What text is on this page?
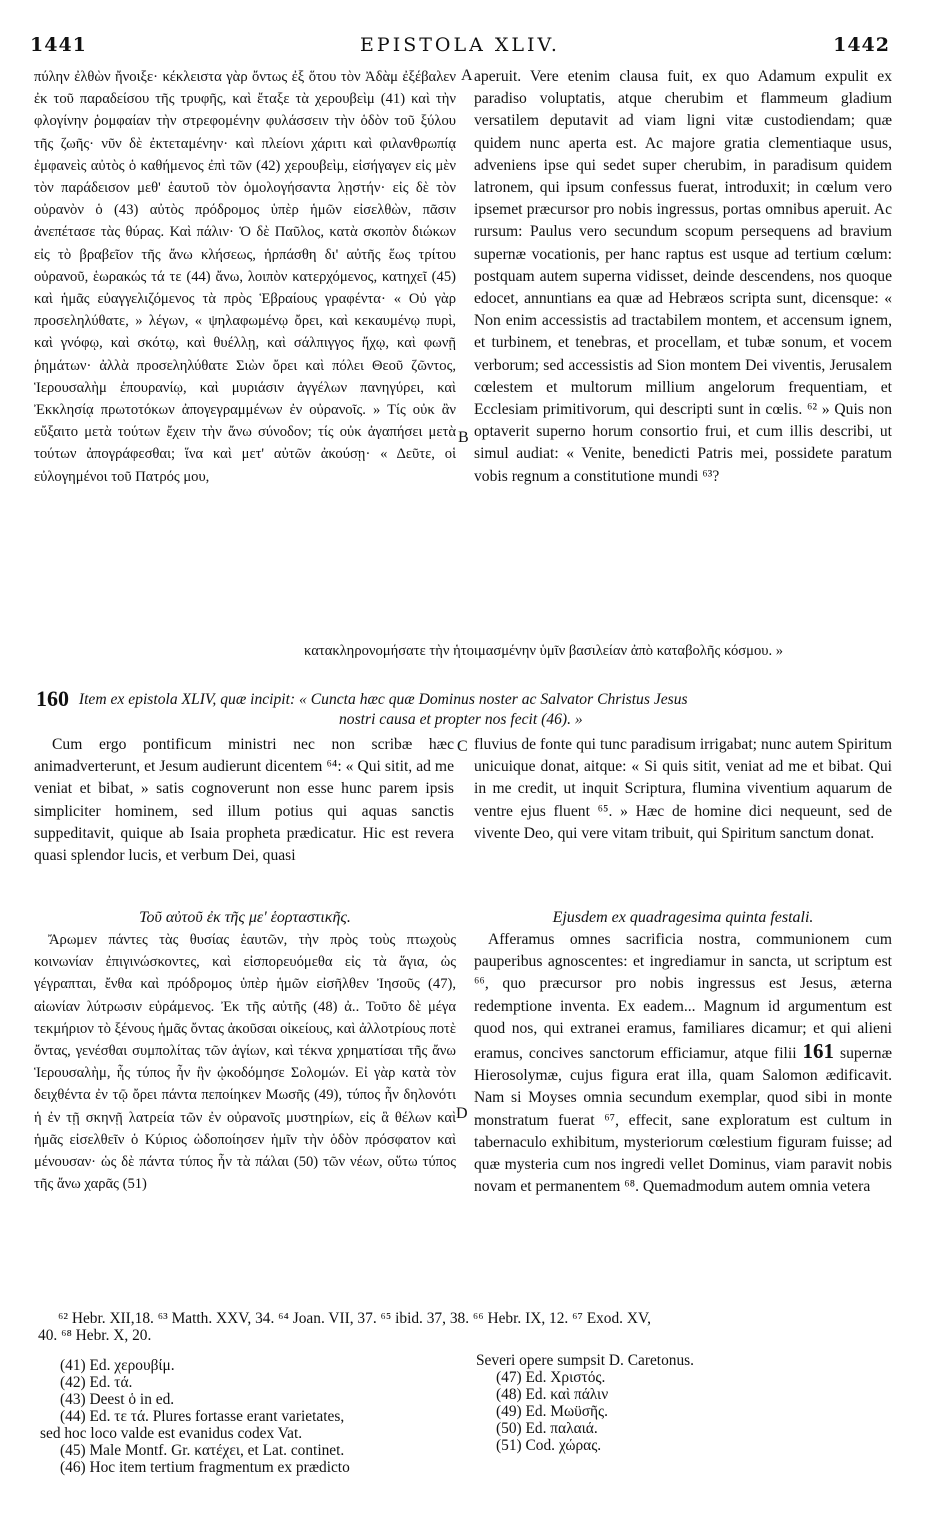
1441	EPISTOLA XLIV.	1442

πύλην ἐλθὼν ἤνοιξε· κέκλειστα γὰρ ὄντως ἐξ ὅτου τὸν Ἀδὰμ ἐξέβαλεν ἐκ τοῦ παραδείσου τῆς τρυφῆς, καὶ ἔταξε τὰ χερουβεὶμ (41) καὶ τὴν φλογίνην ῥομφαίαν τὴν στρεφομένην φυλάσσειν τὴν ὁδὸν τοῦ ξύλου τῆς ζωῆς· νῦν δὲ ἐκτεταμένην· καὶ πλείονι χάριτι καὶ φιλανθρωπίᾳ ἐμφανεὶς αὐτὸς ὁ καθήμενος ἐπὶ τῶν (42) χερουβεὶμ, εἰσήγαγεν εἰς μὲν τὸν παράδεισον μεθ' ἑαυτοῦ τὸν ὁμολογήσαντα λῃστήν· εἰς δὲ τὸν οὐρανὸν ὁ (43) αὐτὸς πρόδρομος ὑπὲρ ἡμῶν εἰσελθὼν, πᾶσιν ἀνεπέτασε τὰς θύρας. Καὶ πάλιν· Ὁ δὲ Παῦλος, κατὰ σκοπὸν διώκων εἰς τὸ βραβεῖον τῆς ἄνω κλήσεως, ἡρπάσθη δι' αὐτῆς ἕως τρίτου οὐρανοῦ, ἑωρακώς τά τε (44) ἄνω, λοιπὸν κατερχόμενος, κατηχεῖ (45) καὶ ἡμᾶς εὐαγγελιζόμενος τὰ πρὸς Ἑβραίους γραφέντα· « Οὐ γὰρ προσεληλύθατε, » λέγων, « ψηλαφωμένῳ ὄρει, καὶ κεκαυμένῳ πυρὶ, καὶ γνόφῳ, καὶ σκότῳ, καὶ θυέλλῃ, καὶ σάλπιγγος ἤχῳ, καὶ φωνῇ ῥημάτων· ἀλλὰ προσεληλύθατε Σιὼν ὄρει καὶ πόλει Θεοῦ ζῶντος, Ἱερουσαλὴμ ἐπουρανίῳ, καὶ μυριάσιν ἀγγέλων πανηγύρει, καὶ Ἐκκλησίᾳ πρωτοτόκων ἀπογεγραμμένων ἐν οὐρανοῖς. » Τίς οὐκ ἂν εὔξαιτο μετὰ τούτων ἔχειν τὴν ἄνω σύνοδον; τίς οὐκ ἀγαπήσει μετὰ τούτων ἀπογράφεσθαι; ἵνα καὶ μετ' αὐτῶν ἀκούσῃ· « Δεῦτε, οἱ εὐλογημένοι τοῦ Πατρός μου,

A
B

aperuit. Vere etenim clausa fuit, ex quo Adamum expulit ex paradiso voluptatis, atque cherubim et flammeum gladium versatilem deputavit ad viam ligni vitæ custodiendam; quæ quidem nunc aperta est. Ac majore gratia clementiaque usus, adveniens ipse qui sedet super cherubim, in paradisum quidem latronem, qui ipsum confessus fuerat, introduxit; in cœlum vero ipsemet præcursor pro nobis ingressus, portas omnibus aperuit. Ac rursum: Paulus vero secundum scopum persequens ad bravium supernæ vocationis, per hanc raptus est usque ad tertium cœlum: postquam autem superna vidisset, deinde descendens, nos quoque edocet, annuntians ea quæ ad Hebræos scripta sunt, dicensque: « Non enim accessistis ad tractabilem montem, et accensum ignem, et turbinem, et tenebras, et procellam, et tubæ sonum, et vocem verborum; sed accessistis ad Sion montem Dei viventis, Jerusalem cœlestem et multorum millium angelorum frequentiam, et Ecclesiam primitivorum, qui descripti sunt in cœlis. ⁶² » Quis non optaverit superno horum consortio frui, et cum illis describi, ut simul audiat: « Venite, benedicti Patris mei, possidete paratum vobis regnum a constitutione mundi ⁶³?

κατακληρονομήσατε τὴν ἡτοιμασμένην ὑμῖν βασιλείαν ἀπὸ καταβολῆς κόσμου. »

160 Item ex epistola XLIV, quæ incipit: « Cuncta hæc quæ Dominus noster ac Salvator Christus Jesus
nostri causa et propter nos fecit (46). »

Cum ergo pontificum ministri nec non scribæ hæc animadverterunt, et Jesum audierunt dicentem ⁶⁴: « Qui sitit, ad me veniat et bibat, » satis cognoverunt non esse hunc parem ipsis simpliciter hominem, sed illum potius qui aquas sanctis suppeditavit, quique ab Isaia propheta prædicatur. Hic est revera quasi splendor lucis, et verbum Dei, quasi

C fluvius de fonte qui tunc paradisum irrigabat; nunc autem Spiritum unicuique donat, aitque: « Si quis sitit, veniat ad me et bibat. Qui in me credit, ut inquit Scriptura, flumina viventium aquarum de ventre ejus fluent ⁶⁵. » Hæc de homine dici nequeunt, sed de vivente Deo, qui vere vitam tribuit, qui Spiritum sanctum donat.

Τοῦ αὐτοῦ ἐκ τῆς με' ἑορταστικῆς.

Ἄρωμεν πάντες τὰς θυσίας ἑαυτῶν, τὴν πρὸς τοὺς πτωχοὺς κοινωνίαν ἐπιγινώσκοντες, καὶ εἰσπορευόμεθα εἰς τὰ ἅγια, ὡς γέγραπται, ἔνθα καὶ πρόδρομος ὑπὲρ ἡμῶν εἰσῆλθεν Ἰησοῦς (47), αἰωνίαν λύτρωσιν εὑράμενος. Ἐκ τῆς αὐτῆς (48) ἀ.. Τοῦτο δὲ μέγα τεκμήριον τὸ ξένους ἡμᾶς ὄντας ἀκοῦσαι οἰκείους, καὶ ἀλλοτρίους ποτὲ ὄντας, γενέσθαι συμπολίτας τῶν ἁγίων, καὶ τέκνα χρηματίσαι τῆς ἄνω Ἱερουσαλὴμ, ἧς τύπος ἦν ἣν ᾠκοδόμησε Σολομών. Εἰ γὰρ κατὰ τὸν δειχθέντα ἐν τῷ ὄρει πάντα πεποίηκεν Μωσῆς (49), τύπος ἦν δηλονότι ἡ ἐν τῇ σκηνῇ λατρεία τῶν ἐν οὐρανοῖς μυστηρίων, εἰς ἃ θέλων καὶ ἡμᾶς εἰσελθεῖν ὁ Κύριος ὡδοποίησεν ἡμῖν τὴν ὁδὸν πρόσφατον καὶ μένουσαν· ὡς δὲ πάντα τύπος ἦν τὰ πάλαι (50) τῶν νέων, οὕτω τύπος τῆς ἄνω χαρᾶς (51)

Ejusdem ex quadragesima quinta festali.

Afferamus omnes sacrificia nostra, communionem cum pauperibus agnoscentes: et ingrediamur in sancta, ut scriptum est ⁶⁶, quo præcursor pro nobis ingressus est Jesus, æterna redemptione inventa. Ex eadem... Magnum id argumentum est quod nos, qui extranei eramus, familiares dicamur; et qui alieni eramus, concives sanctorum efficiamur, atque filii 161 supernæ Hierosolymæ, cujus figura erat illa, quam Salomon ædificavit. Nam si Moyses omnia secundum exemplar, quod sibi in monte monstratum fuerat ⁶⁷, effecit, sane exploratum est cultum in tabernaculo exhibitum, mysteriorum cœlestium figuram fuisse; ad quæ mysteria cum nos ingredi vellet Dominus, viam paravit nobis novam et permanentem ⁶⁸. Quemadmodum autem omnia vetera

D
⁶² Hebr. XII,18. ⁶³ Matth. XXV, 34. ⁶⁴ Joan. VII, 37. ⁶⁵ ibid. 37, 38. ⁶⁶ Hebr. IX, 12. ⁶⁷ Exod. XV,
40. ⁶⁸ Hebr. X, 20.
(41) Ed. χερουβίμ.
(42) Ed. τά.
(43) Deest ὁ in ed.
(44) Ed. τε τά. Plures fortasse erant varietates,
sed hoc loco valde est evanidus codex Vat.
(45) Male Montf. Gr. κατέχει, et Lat. continet.
(46) Hoc item tertium fragmentum ex prædicto
Severi opere sumpsit D. Caretonus.
(47) Ed. Χριστός.
(48) Ed. καὶ πάλιν
(49) Ed. Μωϋσῆς.
(50) Ed. παλαιά.
(51) Cod. χώρας.
